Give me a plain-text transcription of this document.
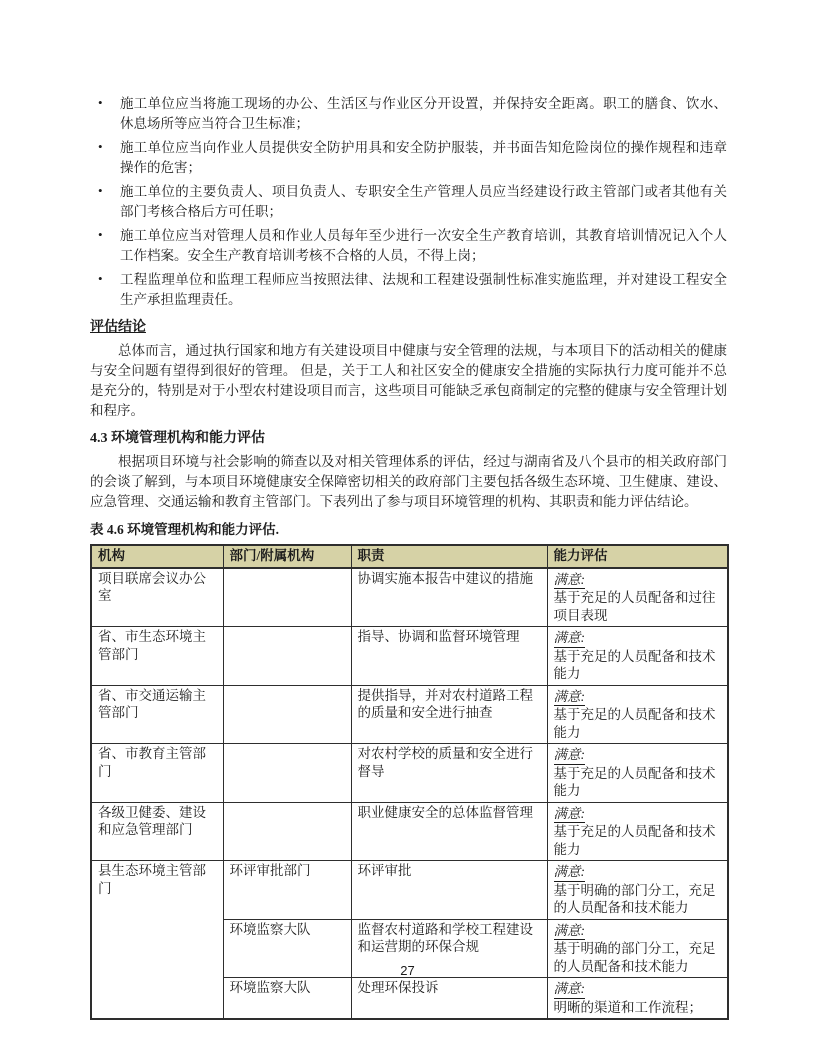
• 施工单位应当将施工现场的办公、生活区与作业区分开设置，并保持安全距离。职工的膳食、饮水、休息场所等应当符合卫生标准；
• 施工单位应当向作业人员提供安全防护用具和安全防护服装，并书面告知危险岗位的操作规程和违章操作的危害；
• 施工单位的主要负责人、项目负责人、专职安全生产管理人员应当经建设行政主管部门或者其他有关部门考核合格后方可任职；
• 施工单位应当对管理人员和作业人员每年至少进行一次安全生产教育培训，其教育培训情况记入个人工作档案。安全生产教育培训考核不合格的人员，不得上岗；
• 工程监理单位和监理工程师应当按照法律、法规和工程建设强制性标准实施监理，并对建设工程安全生产承担监理责任。
评估结论

总体而言，通过执行国家和地方有关建设项目中健康与安全管理的法规，与本项目下的活动相关的健康与安全问题有望得到很好的管理。 但是，关于工人和社区安全的健康安全措施的实际执行力度可能并不总是充分的，特别是对于小型农村建设项目而言，这些项目可能缺乏承包商制定的完整的健康与安全管理计划和程序。

4.3 环境管理机构和能力评估

根据项目环境与社会影响的筛查以及对相关管理体系的评估，经过与湖南省及八个县市的相关政府部门的会谈了解到，与本项目环境健康安全保障密切相关的政府部门主要包括各级生态环境、卫生健康、建设、应急管理、交通运输和教育主管部门。下表列出了参与项目环境管理的机构、其职责和能力评估结论。

表 4.6 环境管理机构和能力评估.

机构	部门/附属机构	职责	能力评估
项目联席会议办公室		协调实施本报告中建议的措施	满意:
基于充足的人员配备和过往项目表现

省、市生态环境主管部门		指导、协调和监督环境管理	满意:
基于充足的人员配备和技术能力

省、市交通运输主管部门		提供指导，并对农村道路工程的质量和安全进行抽查	满意:
基于充足的人员配备和技术能力

省、市教育主管部门		对农村学校的质量和安全进行督导	满意:
基于充足的人员配备和技术能力

各级卫健委、建设和应急管理部门		职业健康安全的总体监督管理	满意:
基于充足的人员配备和技术能力

县生态环境主管部门	环评审批部门	环评审批	满意:
基于明确的部门分工，充足的人员配备和技术能力

	环境监察大队	监督农村道路和学校工程建设和运营期的环保合规	满意:
基于明确的部门分工，充足的人员配备和技术能力

	环境监察大队	处理环保投诉	满意:
明晰的渠道和工作流程；
27
